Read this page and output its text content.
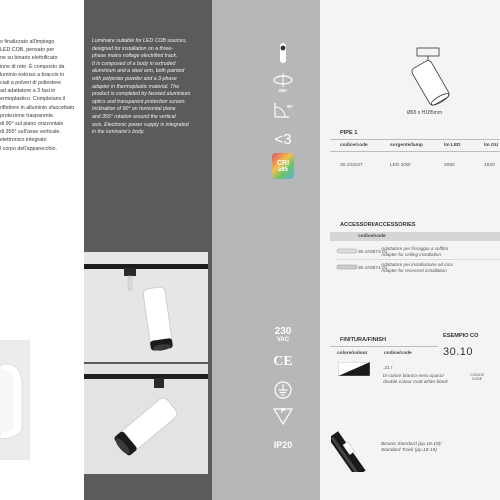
o finalizzato all'impiego
LED COB, pensato per
ne su binario elettrificato
ione di rete. È composto da
luminio estruso a braccio in
ciati a polveri di poliestere
ad adattatore a 3 fasi in
ermoplastico. Completano il
riflettore in alluminio sfaccettato
protezione trasparente.
di 90° sul piano orizzontale
di 355° sull'asse verticale.
elettronico integrato
l corpo dell'apparecchio.
Luminaire suitable for LED COB sources,
designed for installation on a three-
phase mains voltage electrified track.
It is composed of a body in extruded
aluminium and a steel arm, both painted
with polyester powder and a 3-phase
adapter in thermoplastic material. The
product is completed by faceted aluminium
optics and transparent protection screen.
Inclination of 90° on horizontal plane
and 355° rotation around the vertical
axis. Electronic power supply is integrated
in the luminaire's body.
355°
90°
<3
CRI
≥85
230
VAC
CE
F
IP20
Ø65 x H185mm
PIPE 1
codice/code	sorgente/lamp	lm LED	lm OU
30.103107	LED 20W	2050	1620
ACCESSORI/ACCESSORIES
codice/code
30.103673.01
Adattatore per fissaggio a soffitto
Adapter for ceiling installation
30.103674.01
Adattatore per installazione ad inca
Adapter for recessed installation
FINITURA/FINISH
ESEMPIO CO
colore/colour	codice/code	30.10
CODICE
CODE
.21 /
bi-colore bianco-nero opaco/
double colour matt white-black
Binario Standard (pp.18-19)/
Standard Track (pp.18-19)
